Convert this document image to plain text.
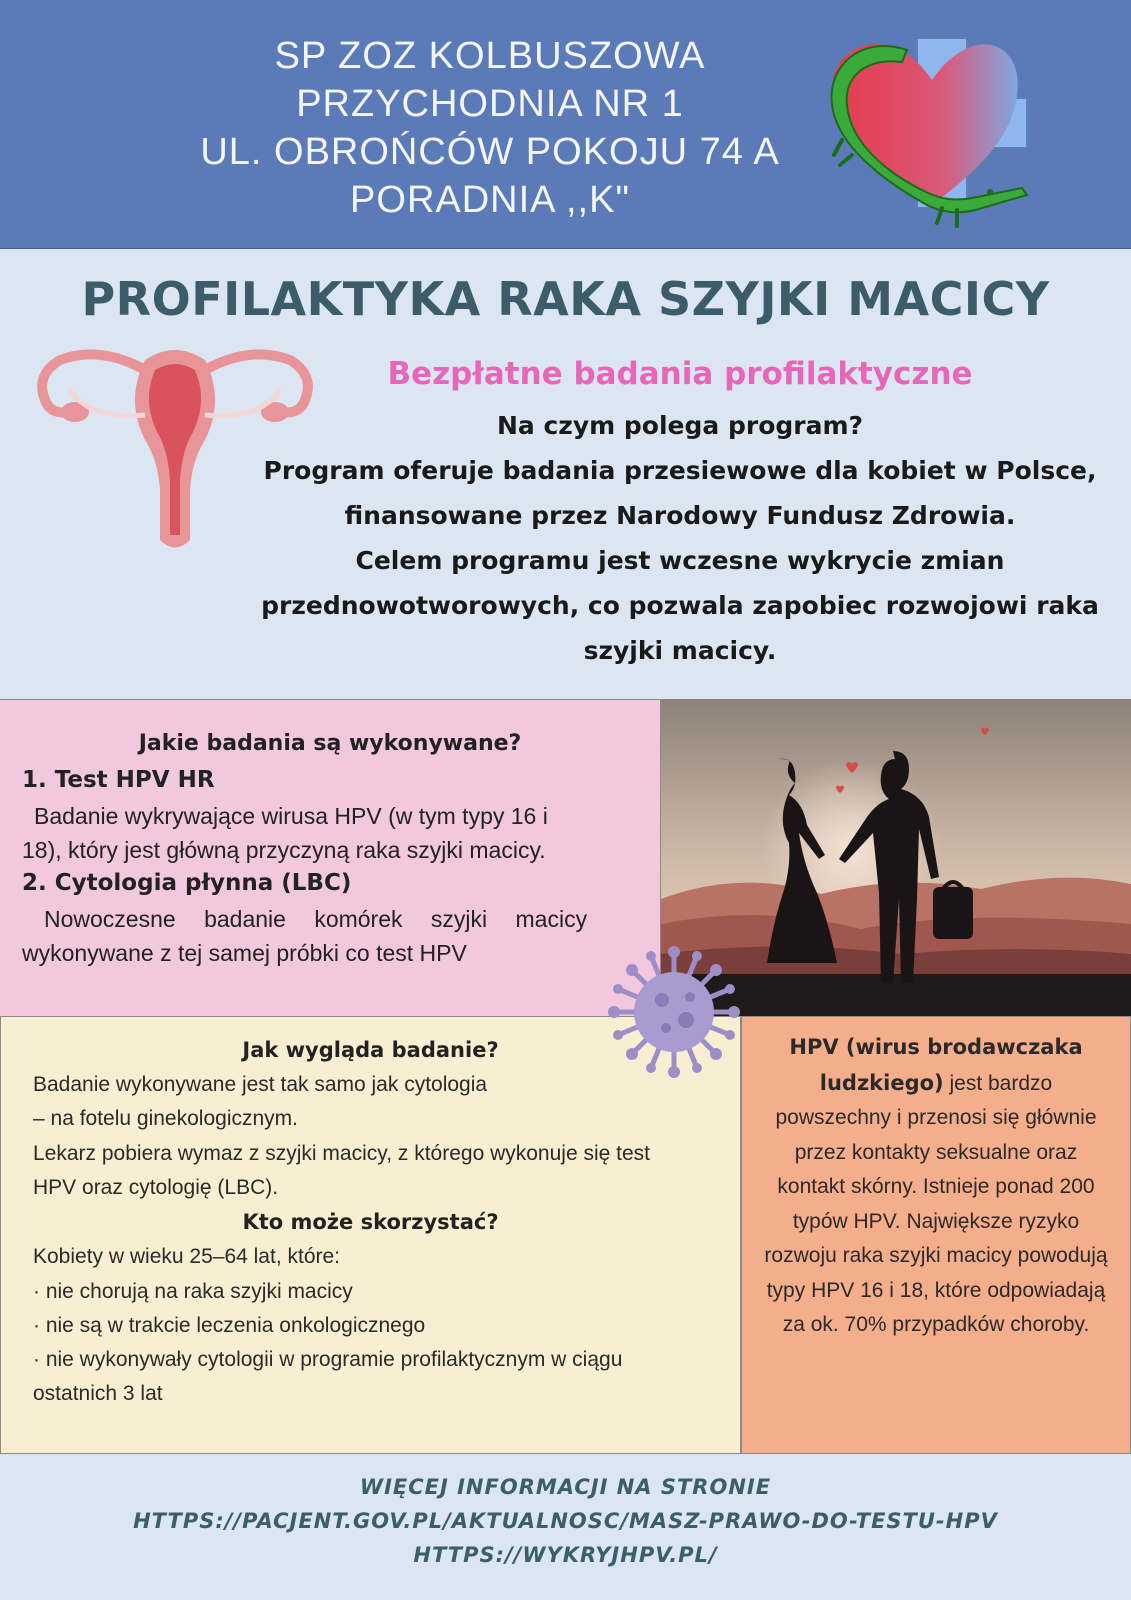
SP ZOZ KOLBUSZOWA
PRZYCHODNIA NR 1
UL. OBROŃCÓW POKOJU 74 A
PORADNIA ,,K"
PROFILAKTYKA RAKA SZYJKI MACICY
Bezpłatne badania profilaktyczne
Na czym polega program?
Program oferuje badania przesiewowe dla kobiet w Polsce,
finansowane przez Narodowy Fundusz Zdrowia.
Celem programu jest wczesne wykrycie zmian
przednowotworowych, co pozwala zapobiec rozwojowi raka
szyjki macicy.
Jakie badania są wykonywane?
1. Test HPV HR
Badanie wykrywające wirusa HPV (w tym typy 16 i
18), który jest główną przyczyną raka szyjki macicy.
2. Cytologia płynna (LBC)
Nowoczesne badanie komórek szyjki macicy
wykonywane z tej samej próbki co test HPV
Jak wygląda badanie?
Badanie wykonywane jest tak samo jak cytologia
– na fotelu ginekologicznym.
Lekarz pobiera wymaz z szyjki macicy, z którego wykonuje się test
HPV oraz cytologię (LBC).
Kto może skorzystać?
Kobiety w wieku 25–64 lat, które:
· nie chorują na raka szyjki macicy
· nie są w trakcie leczenia onkologicznego
· nie wykonywały cytologii w programie profilaktycznym w ciągu
ostatnich 3 lat
HPV (wirus brodawczaka ludzkiego) jest bardzo powszechny i przenosi się głównie przez kontakty seksualne oraz kontakt skórny. Istnieje ponad 200 typów HPV. Największe ryzyko rozwoju raka szyjki macicy powodują typy HPV 16 i 18, które odpowiadają za ok. 70% przypadków choroby.
WIĘCEJ INFORMACJI NA STRONIE
HTTPS://PACJENT.GOV.PL/AKTUALNOSC/MASZ-PRAWO-DO-TESTU-HPV
HTTPS://WYKRYJHPV.PL/
